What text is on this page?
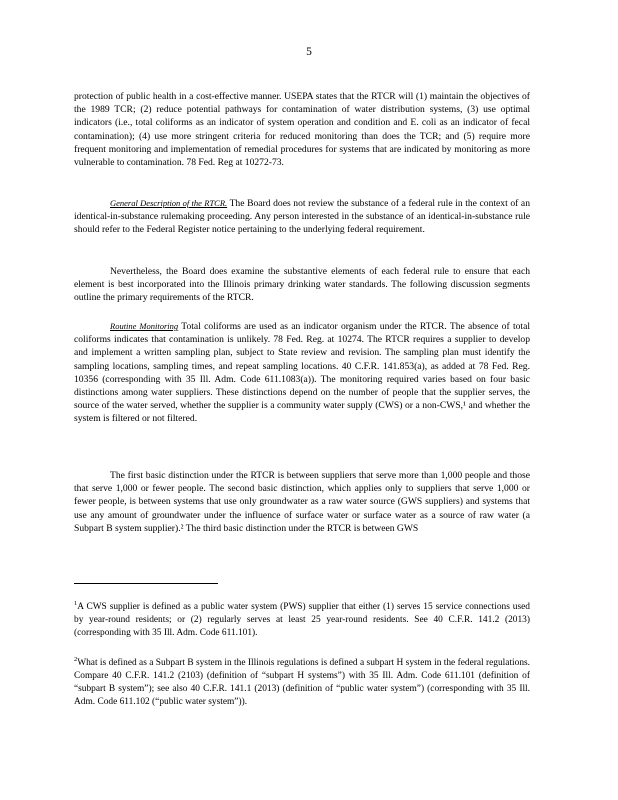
5

protection of public health in a cost-effective manner. USEPA states that the RTCR will (1) maintain the objectives of the 1989 TCR; (2) reduce potential pathways for contamination of water distribution systems, (3) use optimal indicators (i.e., total coliforms as an indicator of system operation and condition and E. coli as an indicator of fecal contamination); (4) use more stringent criteria for reduced monitoring than does the TCR; and (5) require more frequent monitoring and implementation of remedial procedures for systems that are indicated by monitoring as more vulnerable to contamination. 78 Fed. Reg at 10272-73.

General Description of the RTCR. The Board does not review the substance of a federal rule in the context of an identical-in-substance rulemaking proceeding. Any person interested in the substance of an identical-in-substance rule should refer to the Federal Register notice pertaining to the underlying federal requirement.

Nevertheless, the Board does examine the substantive elements of each federal rule to ensure that each element is best incorporated into the Illinois primary drinking water standards. The following discussion segments outline the primary requirements of the RTCR.

Routine Monitoring Total coliforms are used as an indicator organism under the RTCR. The absence of total coliforms indicates that contamination is unlikely. 78 Fed. Reg. at 10274. The RTCR requires a supplier to develop and implement a written sampling plan, subject to State review and revision. The sampling plan must identify the sampling locations, sampling times, and repeat sampling locations. 40 C.F.R. 141.853(a), as added at 78 Fed. Reg. 10356 (corresponding with 35 Ill. Adm. Code 611.1083(a)). The monitoring required varies based on four basic distinctions among water suppliers. These distinctions depend on the number of people that the supplier serves, the source of the water served, whether the supplier is a community water supply (CWS) or a non-CWS,¹ and whether the system is filtered or not filtered.

The first basic distinction under the RTCR is between suppliers that serve more than 1,000 people and those that serve 1,000 or fewer people. The second basic distinction, which applies only to suppliers that serve 1,000 or fewer people, is between systems that use only groundwater as a raw water source (GWS suppliers) and systems that use any amount of groundwater under the influence of surface water or surface water as a source of raw water (a Subpart B system supplier).² The third basic distinction under the RTCR is between GWS

$^1$A CWS supplier is defined as a public water system (PWS) supplier that either (1) serves 15 service connections used by year-round residents; or (2) regularly serves at least 25 year-round residents. See 40 C.F.R. 141.2 (2013) (corresponding with 35 Ill. Adm. Code 611.101).

$^2$What is defined as a Subpart B system in the Illinois regulations is defined a subpart H system in the federal regulations. Compare 40 C.F.R. 141.2 (2103) (definition of “subpart H systems”) with 35 Ill. Adm. Code 611.101 (definition of “subpart B system”); see also 40 C.F.R. 141.1 (2013) (definition of “public water system”) (corresponding with 35 Ill. Adm. Code 611.102 (“public water system”)).
